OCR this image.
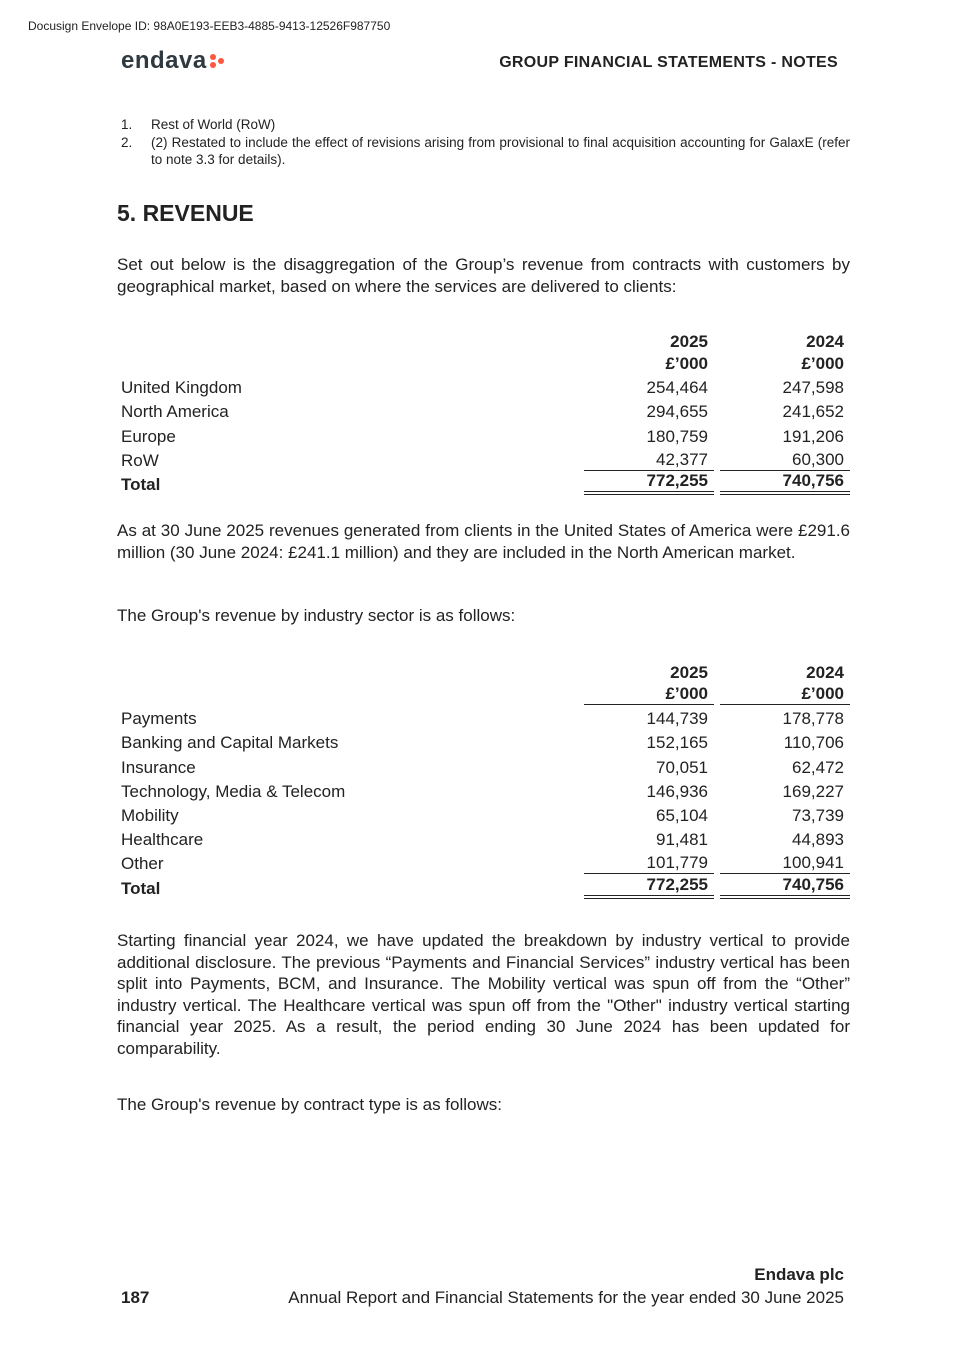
Docusign Envelope ID: 98A0E193-EEB3-4885-9413-12526F987750
endava	GROUP FINANCIAL STATEMENTS - NOTES
1.	Rest of World (RoW)
2.	(2) Restated to include the effect of revisions arising from provisional to final acquisition accounting for GalaxE (refer to note 3.3 for details).
5. REVENUE

Set out below is the disaggregation of the Group’s revenue from contracts with customers by geographical market, based on where the services are delivered to clients:

	2025		2024
	£’000		£’000
United Kingdom	254,464		247,598
North America	294,655		241,652
Europe	180,759		191,206
RoW	42,377		60,300
Total	772,255		740,756

As at 30 June 2025 revenues generated from clients in the United States of America were £291.6 million (30 June 2024: £241.1 million) and they are included in the North American market.

The Group's revenue by industry sector is as follows:

	2025		2024
	£’000		£’000
Payments	144,739		178,778
Banking and Capital Markets	152,165		110,706
Insurance	70,051		62,472
Technology, Media & Telecom	146,936		169,227
Mobility	65,104		73,739
Healthcare	91,481		44,893
Other	101,779		100,941
Total	772,255		740,756

Starting financial year 2024, we have updated the breakdown by industry vertical to provide additional disclosure. The previous “Payments and Financial Services” industry vertical has been split into Payments, BCM, and Insurance. The Mobility vertical was spun off from the “Other” industry vertical. The Healthcare vertical was spun off from the "Other" industry vertical starting financial year 2025. As a result, the period ending 30 June 2024 has been updated for comparability.

The Group's revenue by contract type is as follows:

Endava plc
187	Annual Report and Financial Statements for the year ended 30 June 2025
